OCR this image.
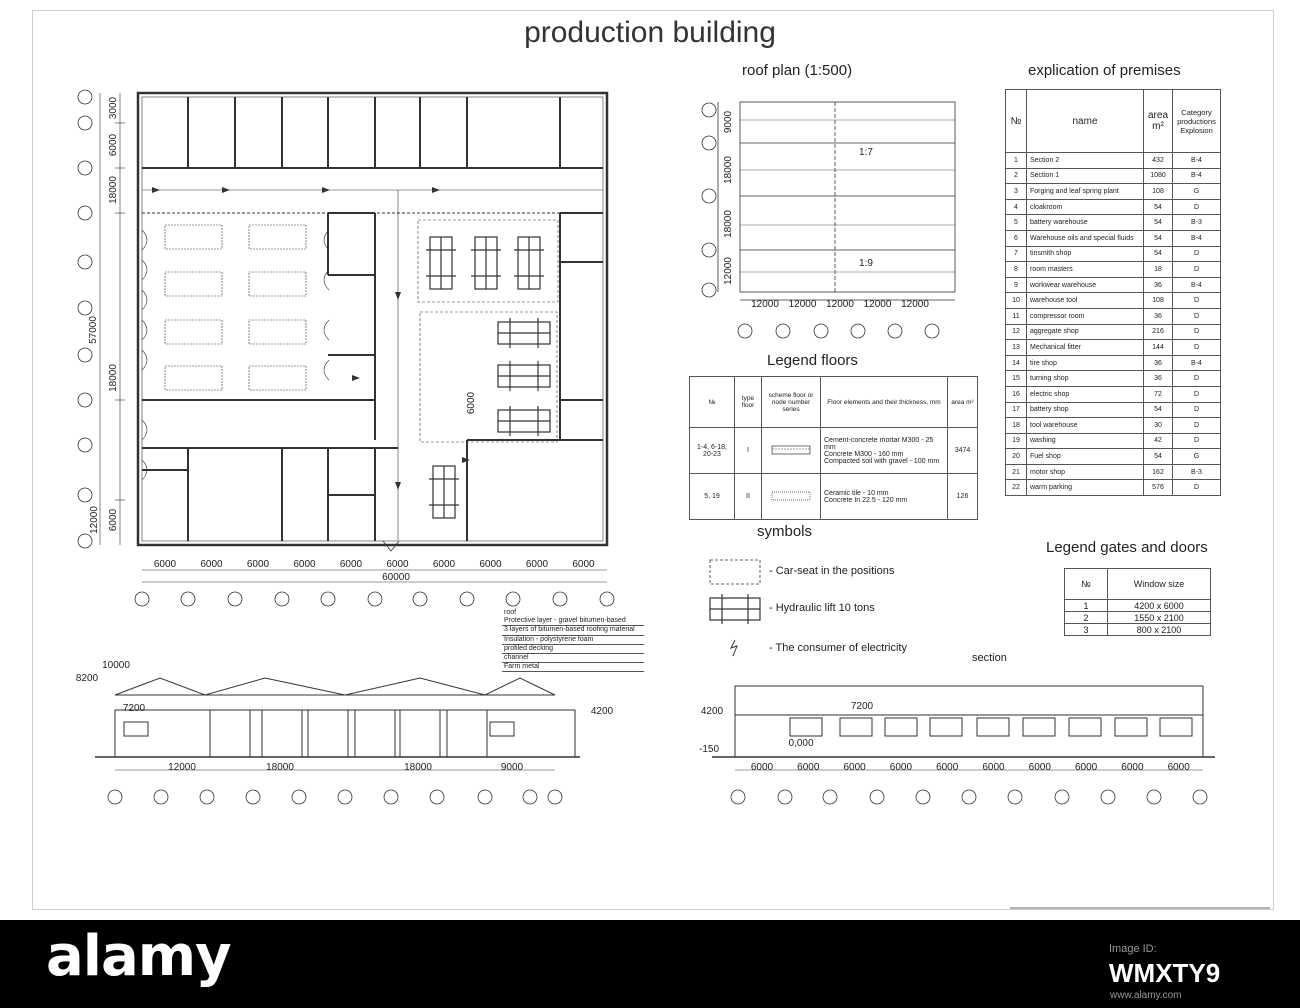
production building
3000
6000
18000
18000
12000 6000
57000
6000
6000 6000 6000 6000 6000 6000 6000 6000 6000 6000
60000
9000
18000
18000
12000
12000 12000 12000 12000 12000
1:7
1:9
10000
8200
7200	4200
12000	18000	18000	9000
7200
4200
0,000
-150
6000 6000 6000 6000 6000 6000 6000 6000 6000 6000
roof plan (1:500)	explication of premises
Legend floors
symbols
Legend gates and doors
section
№	name	area m²	Category productions Explosion
1	Section 2	432	B-4
2	Section 1	1080	B-4
3	Forging and leaf spring plant	108	G
4	cloakroom	54	D
5	battery warehouse	54	B-3
6	Warehouse oils and special fluids	54	B-4
7	tinsmith shop	54	D
8	room masters	18	D
9	workwear warehouse	36	B-4
10	warehouse tool	108	D
11	compressor room	36	D
12	aggregate shop	216	D
13	Mechanical fitter	144	D
14	tire shop	36	B-4
15	turning shop	36	D
16	electric shop	72	D
17	battery shop	54	D
18	tool warehouse	30	D
19	washing	42	D
20	Fuel shop	54	G
21	motor shop	162	B-3
22	warm parking	576	D
№	type floor	scheme floor or node number series	Floor elements and their thickness, mm	area m²
1-4, 6-18, 20-23	I		Cement-concrete mortar M300 - 25 mm
Concrete M300 - 160 mm
Compacted soil with gravel - 100 mm	3474
5, 19	II		Ceramic tile - 10 mm
Concrete In 22.5 - 120 mm	126
№	Window size
1	4200 x 6000
2	1550 x 2100
3	800 x 2100
- Car-seat in the positions
- Hydraulic lift 10 tons
- The consumer of electricity
roof
Protective layer - gravel bitumen-based
3 layers of bitumen-based roofing material
Insulation - polystyrene foam
profiled decking
channel
Farm metal
alamy	Image ID:
WMXTY9
www.alamy.com
